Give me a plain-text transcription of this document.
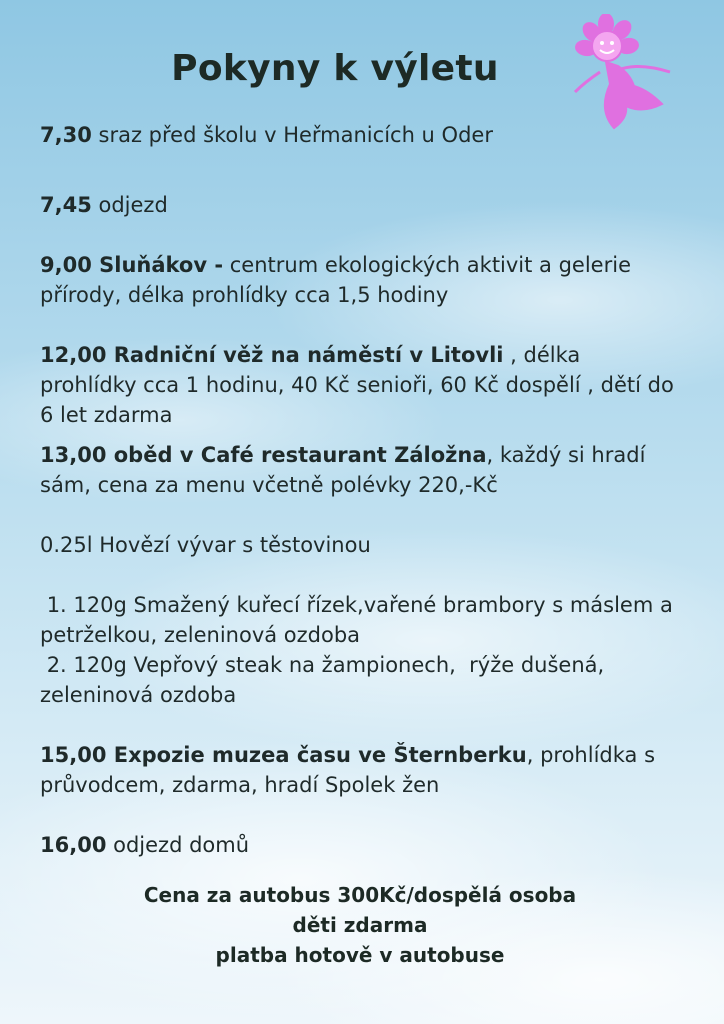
Pokyny k výletu

7,30 sraz před školu v Heřmanicích u Oder

7,45 odjezd

9,00 Sluňákov - centrum ekologických aktivit a gelerie přírody, délka prohlídky cca 1,5 hodiny

12,00 Radniční věž na náměstí v Litovli , délka prohlídky cca 1 hodinu, 40 Kč senioři, 60 Kč dospělí , dětí do 6 let zdarma

13,00 oběd v Café restaurant Záložna, každý si hradí sám, cena za menu včetně polévky 220,-Kč

0.25l Hovězí vývar s těstovinou

1. 120g Smažený kuřecí řízek,vařené brambory s máslem a petrželkou, zeleninová ozdoba

2. 120g Vepřový steak na žampionech,  rýže dušená, zeleninová ozdoba

15,00 Expozie muzea času ve Šternberku, prohlídka s průvodcem, zdarma, hradí Spolek žen

16,00 odjezd domů

Cena za autobus 300Kč/dospělá osoba
děti zdarma
platba hotově v autobuse
